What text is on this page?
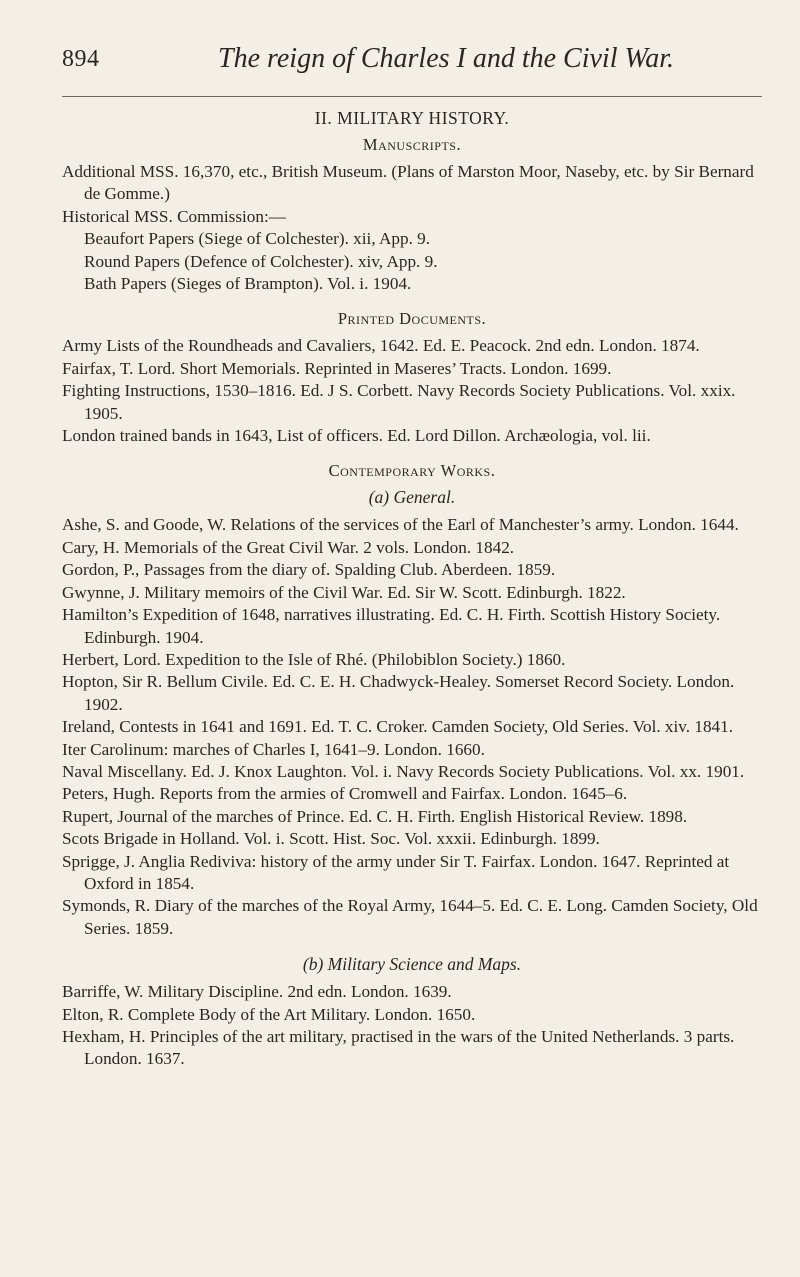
894	The reign of Charles I and the Civil War.

II. MILITARY HISTORY.

Manuscripts.

Additional MSS. 16,370, etc., British Museum. (Plans of Marston Moor, Naseby, etc. by Sir Bernard de Gomme.)

Historical MSS. Commission:—

Beaufort Papers (Siege of Colchester). xii, App. 9.

Round Papers (Defence of Colchester). xiv, App. 9.

Bath Papers (Sieges of Brampton). Vol. i. 1904.

Printed Documents.

Army Lists of the Roundheads and Cavaliers, 1642. Ed. E. Peacock. 2nd edn. London. 1874.

Fairfax, T. Lord. Short Memorials. Reprinted in Maseres’ Tracts. London. 1699.

Fighting Instructions, 1530–1816. Ed. J S. Corbett. Navy Records Society Publications. Vol. xxix. 1905.

London trained bands in 1643, List of officers. Ed. Lord Dillon. Archæologia, vol. lii.

Contemporary Works.

(a) General.

Ashe, S. and Goode, W. Relations of the services of the Earl of Manchester’s army. London. 1644.

Cary, H. Memorials of the Great Civil War. 2 vols. London. 1842.

Gordon, P., Passages from the diary of. Spalding Club. Aberdeen. 1859.

Gwynne, J. Military memoirs of the Civil War. Ed. Sir W. Scott. Edinburgh. 1822.

Hamilton’s Expedition of 1648, narratives illustrating. Ed. C. H. Firth. Scottish History Society. Edinburgh. 1904.

Herbert, Lord. Expedition to the Isle of Rhé. (Philobiblon Society.) 1860.

Hopton, Sir R. Bellum Civile. Ed. C. E. H. Chadwyck-Healey. Somerset Record Society. London. 1902.

Ireland, Contests in 1641 and 1691. Ed. T. C. Croker. Camden Society, Old Series. Vol. xiv. 1841.

Iter Carolinum: marches of Charles I, 1641–9. London. 1660.

Naval Miscellany. Ed. J. Knox Laughton. Vol. i. Navy Records Society Publications. Vol. xx. 1901.

Peters, Hugh. Reports from the armies of Cromwell and Fairfax. London. 1645–6.

Rupert, Journal of the marches of Prince. Ed. C. H. Firth. English Historical Review. 1898.

Scots Brigade in Holland. Vol. i. Scott. Hist. Soc. Vol. xxxii. Edinburgh. 1899.

Sprigge, J. Anglia Rediviva: history of the army under Sir T. Fairfax. London. 1647. Reprinted at Oxford in 1854.

Symonds, R. Diary of the marches of the Royal Army, 1644–5. Ed. C. E. Long. Camden Society, Old Series. 1859.

(b) Military Science and Maps.

Barriffe, W. Military Discipline. 2nd edn. London. 1639.

Elton, R. Complete Body of the Art Military. London. 1650.

Hexham, H. Principles of the art military, practised in the wars of the United Netherlands. 3 parts. London. 1637.
